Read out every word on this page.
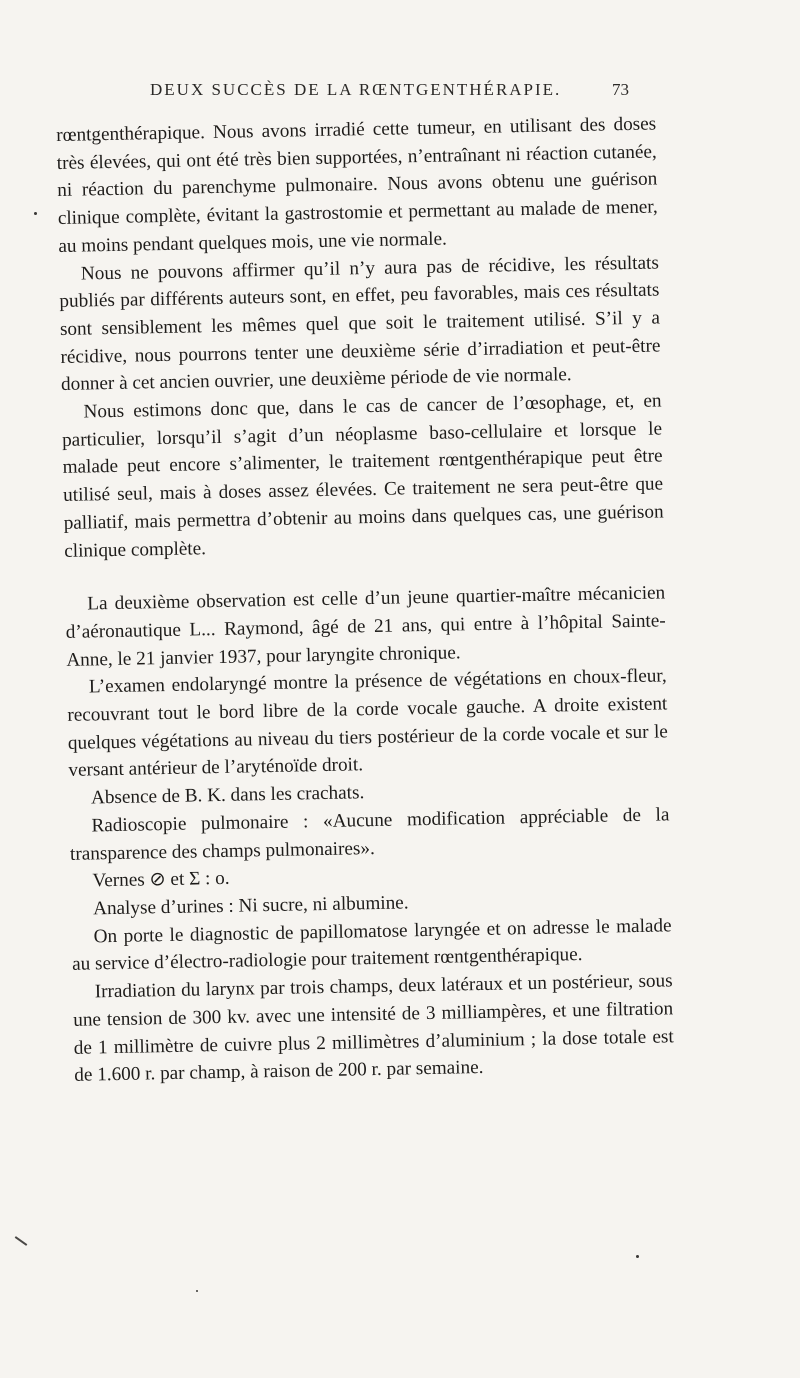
DEUX SUCCÈS DE LA RŒNTGENTHÉRAPIE.	73

rœntgenthérapique. Nous avons irradié cette tumeur, en utilisant des doses très élevées, qui ont été très bien supportées, n’entraînant ni réaction cutanée, ni réaction du parenchyme pulmonaire. Nous avons obtenu une guérison clinique complète, évitant la gastrostomie et permettant au malade de mener, au moins pendant quelques mois, une vie normale.

Nous ne pouvons affirmer qu’il n’y aura pas de récidive, les résultats publiés par différents auteurs sont, en effet, peu favorables, mais ces résultats sont sensiblement les mêmes quel que soit le traitement utilisé. S’il y a récidive, nous pourrons tenter une deuxième série d’irradiation et peut-être donner à cet ancien ouvrier, une deuxième période de vie normale.

Nous estimons donc que, dans le cas de cancer de l’œsophage, et, en particulier, lorsqu’il s’agit d’un néoplasme baso-cellulaire et lorsque le malade peut encore s’alimenter, le traitement rœntgenthérapique peut être utilisé seul, mais à doses assez élevées. Ce traitement ne sera peut-être que palliatif, mais permettra d’obtenir au moins dans quelques cas, une guérison clinique complète.

La deuxième observation est celle d’un jeune quartier-maître mécanicien d’aéronautique L... Raymond, âgé de 21 ans, qui entre à l’hôpital Sainte-Anne, le 21 janvier 1937, pour laryngite chronique.

L’examen endolaryngé montre la présence de végétations en choux-fleur, recouvrant tout le bord libre de la corde vocale gauche. A droite existent quelques végétations au niveau du tiers postérieur de la corde vocale et sur le versant antérieur de l’aryténoïde droit.

Absence de B. K. dans les crachats.

Radioscopie pulmonaire : «Aucune modification appréciable de la transparence des champs pulmonaires».

Vernes ⊘ et Σ : o.

Analyse d’urines : Ni sucre, ni albumine.

On porte le diagnostic de papillomatose laryngée et on adresse le malade au service d’électro-radiologie pour traitement rœntgenthérapique.

Irradiation du larynx par trois champs, deux latéraux et un postérieur, sous une tension de 300 kv. avec une intensité de 3 milliampères, et une filtration de 1 millimètre de cuivre plus 2 millimètres d’aluminium ; la dose totale est de 1.600 r. par champ, à raison de 200 r. par semaine.
